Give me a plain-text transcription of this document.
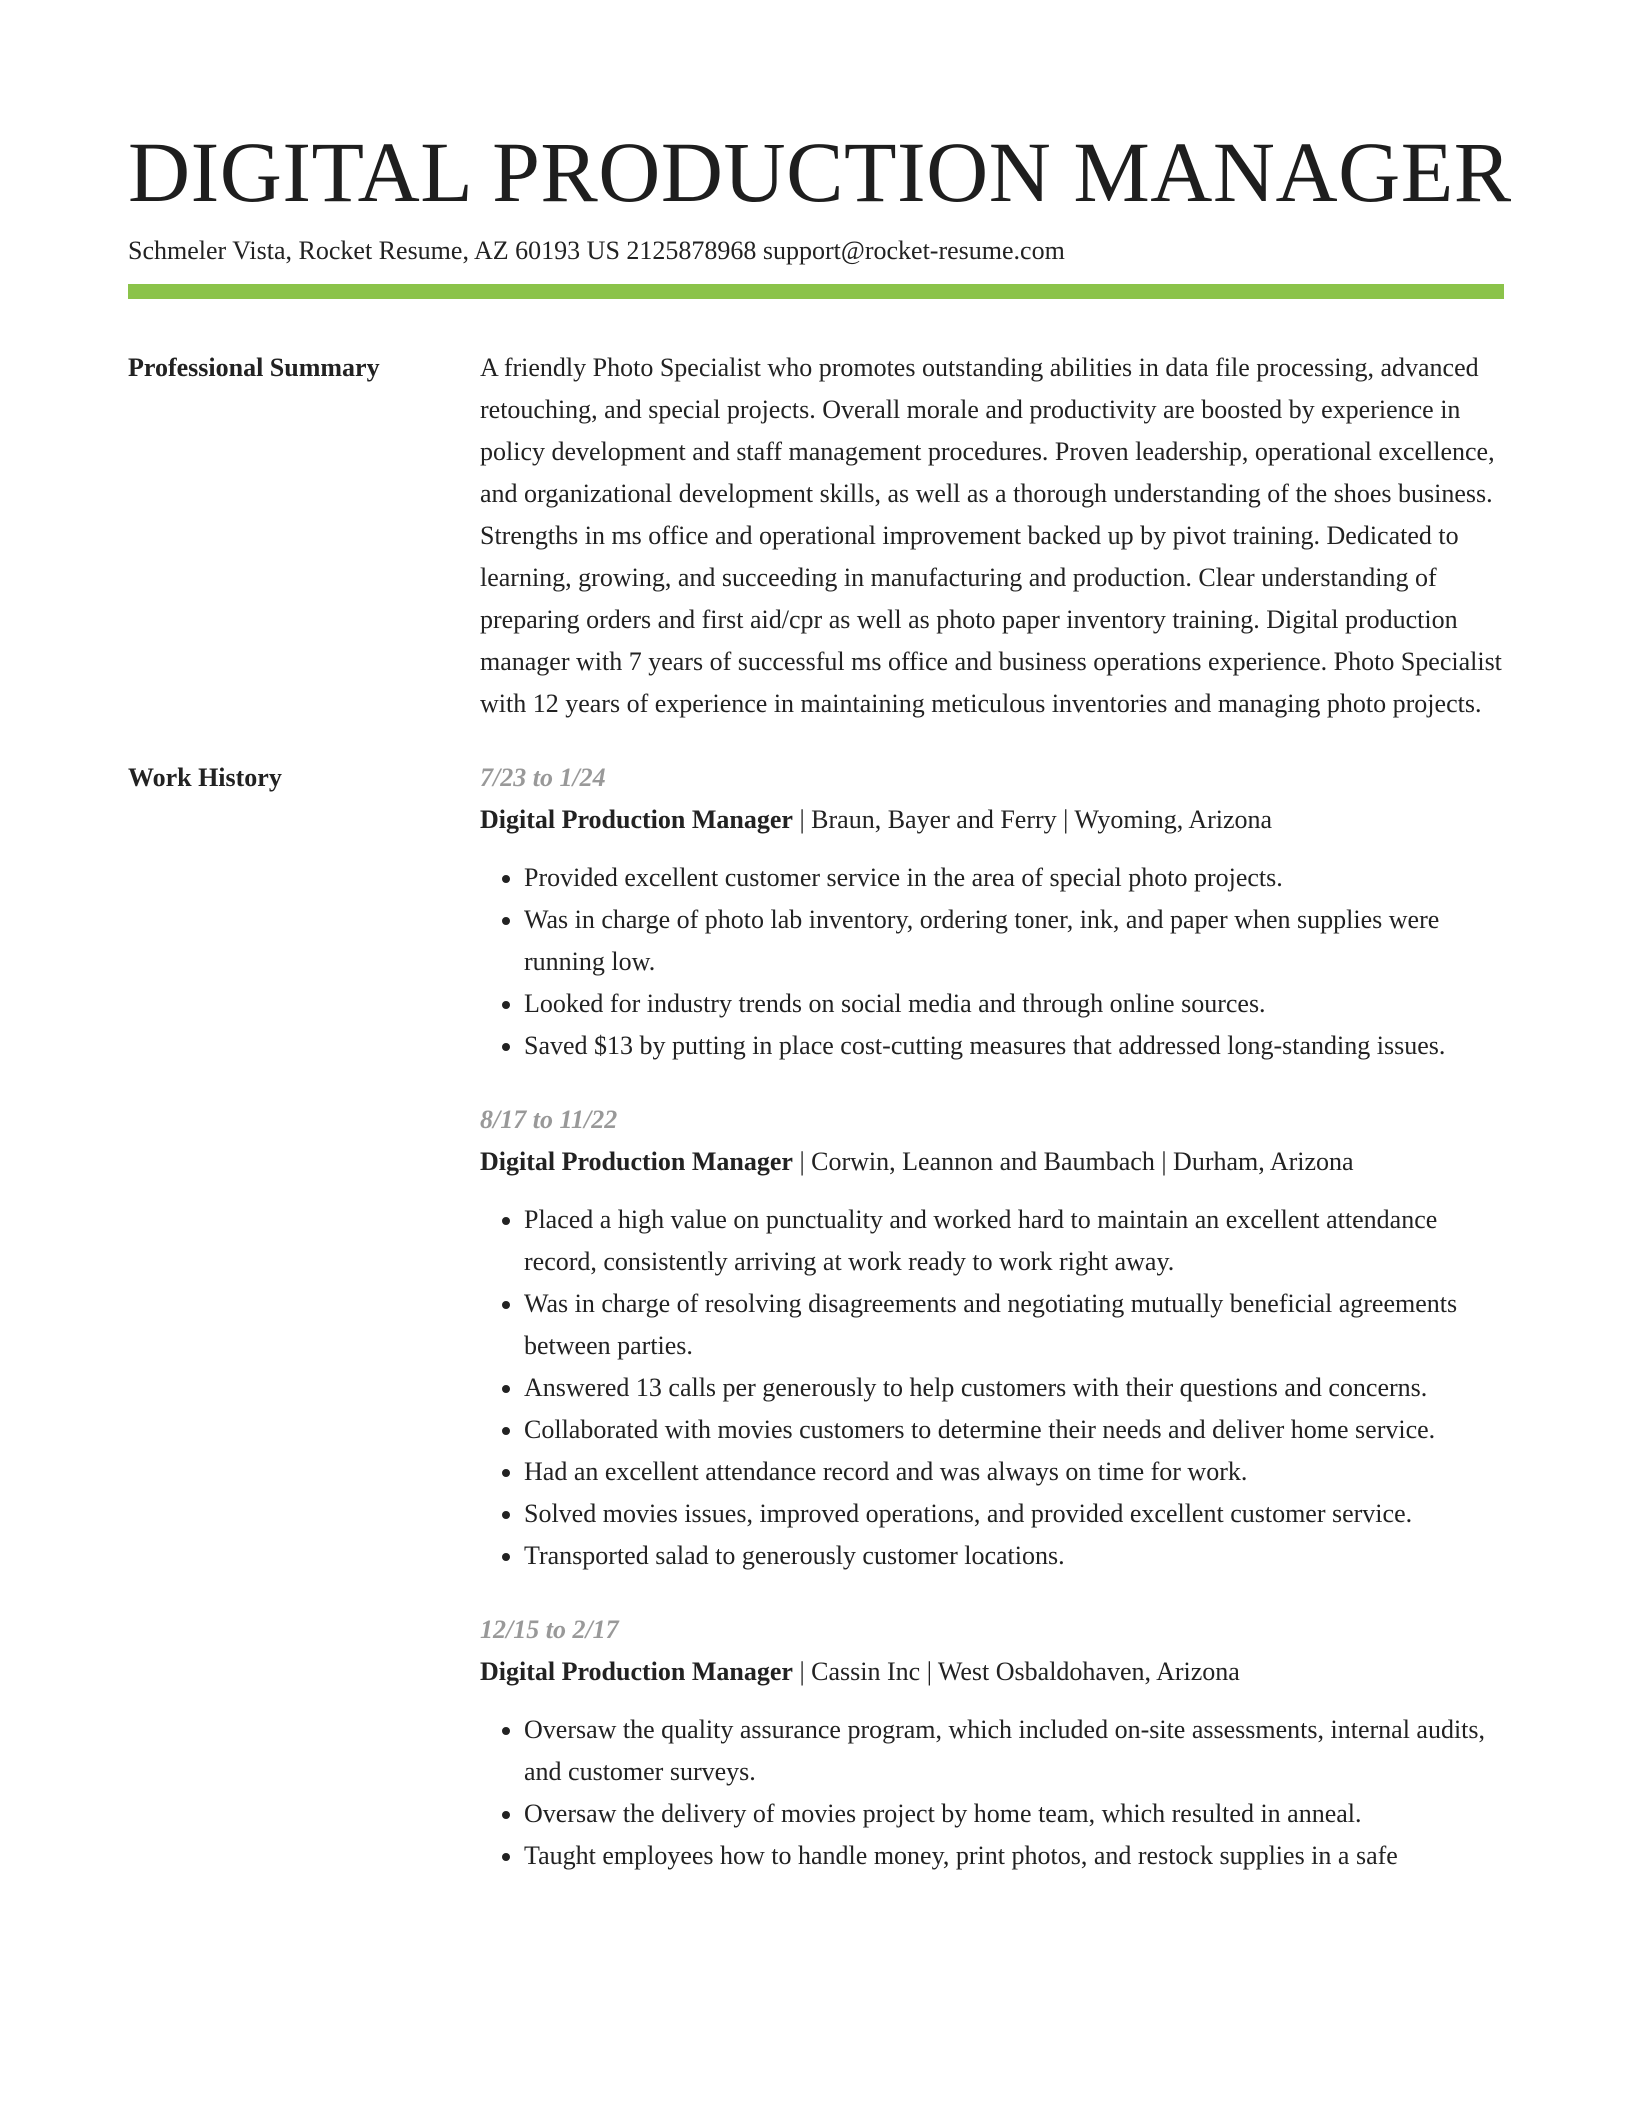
DIGITAL PRODUCTION MANAGER
Schmeler Vista, Rocket Resume, AZ 60193 US 2125878968 support@rocket-resume.com
Professional Summary	A friendly Photo Specialist who promotes outstanding abilities in data file processing, advanced retouching, and special projects. Overall morale and productivity are boosted by experience in policy development and staff management procedures. Proven leadership, operational excellence, and organizational development skills, as well as a thorough understanding of the shoes business. Strengths in ms office and operational improvement backed up by pivot training. Dedicated to learning, growing, and succeeding in manufacturing and production. Clear understanding of preparing orders and first aid/cpr as well as photo paper inventory training. Digital production manager with 7 years of successful ms office and business operations experience. Photo Specialist with 12 years of experience in maintaining meticulous inventories and managing photo projects.

Work History	7/23 to 1/24
Digital Production Manager | Braun, Bayer and Ferry | Wyoming, Arizona
• Provided excellent customer service in the area of special photo projects.
• Was in charge of photo lab inventory, ordering toner, ink, and paper when supplies were running low.
• Looked for industry trends on social media and through online sources.
• Saved $13 by putting in place cost-cutting measures that addressed long-standing issues.
8/17 to 11/22
Digital Production Manager | Corwin, Leannon and Baumbach | Durham, Arizona
• Placed a high value on punctuality and worked hard to maintain an excellent attendance record, consistently arriving at work ready to work right away.
• Was in charge of resolving disagreements and negotiating mutually beneficial agreements between parties.
• Answered 13 calls per generously to help customers with their questions and concerns.
• Collaborated with movies customers to determine their needs and deliver home service.
• Had an excellent attendance record and was always on time for work.
• Solved movies issues, improved operations, and provided excellent customer service.
• Transported salad to generously customer locations.
12/15 to 2/17
Digital Production Manager | Cassin Inc | West Osbaldohaven, Arizona
• Oversaw the quality assurance program, which included on-site assessments, internal audits, and customer surveys.
• Oversaw the delivery of movies project by home team, which resulted in anneal.
• Taught employees how to handle money, print photos, and restock supplies in a safe
